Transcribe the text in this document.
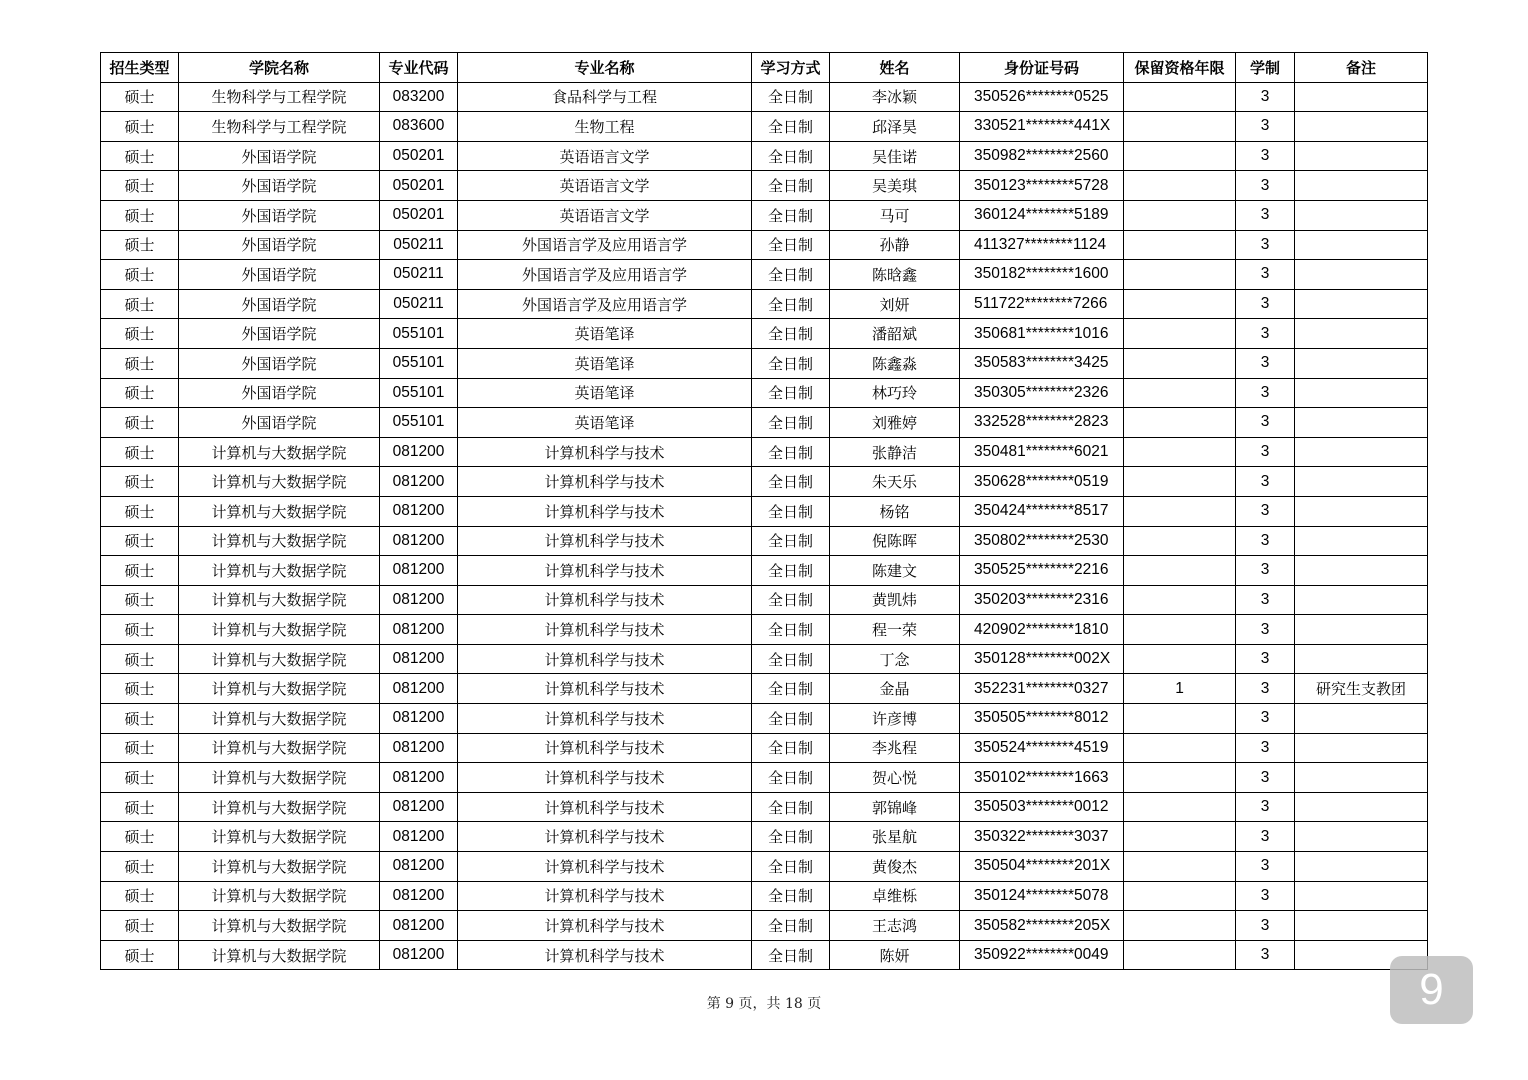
招生类型	学院名称	专业代码	专业名称	学习方式	姓名	身份证号码	保留资格年限	学制	备注
硕士	生物科学与工程学院	083200	食品科学与工程	全日制	李冰颖	350526********0525		3	
硕士	生物科学与工程学院	083600	生物工程	全日制	邱泽昊	330521********441X		3	
硕士	外国语学院	050201	英语语言文学	全日制	吴佳诺	350982********2560		3	
硕士	外国语学院	050201	英语语言文学	全日制	吴美琪	350123********5728		3	
硕士	外国语学院	050201	英语语言文学	全日制	马可	360124********5189		3	
硕士	外国语学院	050211	外国语言学及应用语言学	全日制	孙静	411327********1124		3	
硕士	外国语学院	050211	外国语言学及应用语言学	全日制	陈晗鑫	350182********1600		3	
硕士	外国语学院	050211	外国语言学及应用语言学	全日制	刘妍	511722********7266		3	
硕士	外国语学院	055101	英语笔译	全日制	潘韶斌	350681********1016		3	
硕士	外国语学院	055101	英语笔译	全日制	陈鑫淼	350583********3425		3	
硕士	外国语学院	055101	英语笔译	全日制	林巧玲	350305********2326		3	
硕士	外国语学院	055101	英语笔译	全日制	刘雅婷	332528********2823		3	
硕士	计算机与大数据学院	081200	计算机科学与技术	全日制	张静洁	350481********6021		3	
硕士	计算机与大数据学院	081200	计算机科学与技术	全日制	朱天乐	350628********0519		3	
硕士	计算机与大数据学院	081200	计算机科学与技术	全日制	杨铭	350424********8517		3	
硕士	计算机与大数据学院	081200	计算机科学与技术	全日制	倪陈晖	350802********2530		3	
硕士	计算机与大数据学院	081200	计算机科学与技术	全日制	陈建文	350525********2216		3	
硕士	计算机与大数据学院	081200	计算机科学与技术	全日制	黄凯炜	350203********2316		3	
硕士	计算机与大数据学院	081200	计算机科学与技术	全日制	程一荣	420902********1810		3	
硕士	计算机与大数据学院	081200	计算机科学与技术	全日制	丁念	350128********002X		3	
硕士	计算机与大数据学院	081200	计算机科学与技术	全日制	金晶	352231********0327	1	3	研究生支教团
硕士	计算机与大数据学院	081200	计算机科学与技术	全日制	许彦博	350505********8012		3	
硕士	计算机与大数据学院	081200	计算机科学与技术	全日制	李兆程	350524********4519		3	
硕士	计算机与大数据学院	081200	计算机科学与技术	全日制	贺心悦	350102********1663		3	
硕士	计算机与大数据学院	081200	计算机科学与技术	全日制	郭锦峰	350503********0012		3	
硕士	计算机与大数据学院	081200	计算机科学与技术	全日制	张星航	350322********3037		3	
硕士	计算机与大数据学院	081200	计算机科学与技术	全日制	黄俊杰	350504********201X		3	
硕士	计算机与大数据学院	081200	计算机科学与技术	全日制	卓维栎	350124********5078		3	
硕士	计算机与大数据学院	081200	计算机科学与技术	全日制	王志鸿	350582********205X		3	
硕士	计算机与大数据学院	081200	计算机科学与技术	全日制	陈妍	350922********0049		3	
第 9 页，共 18 页	9
